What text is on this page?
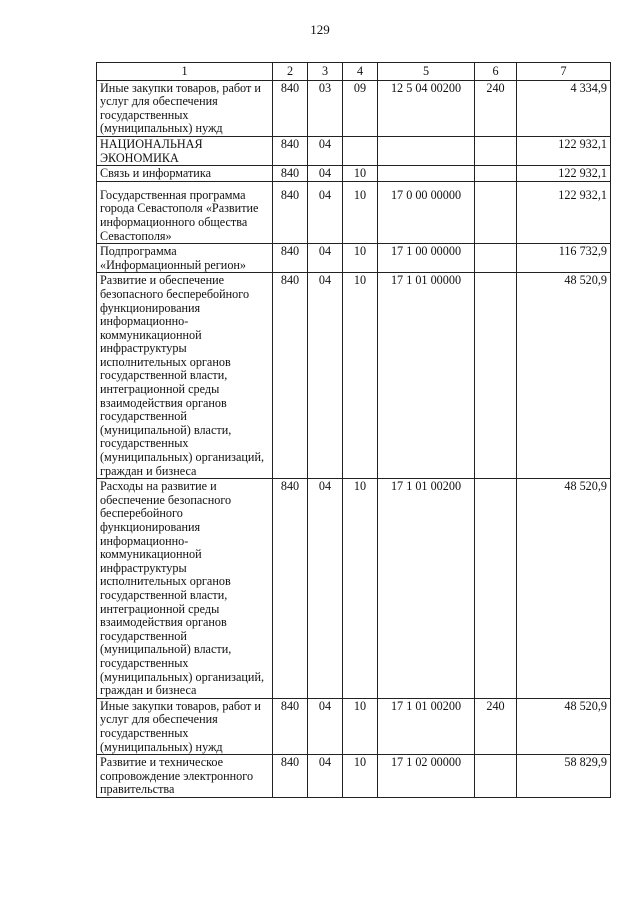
129
1	2	3	4	5	6	7
Иные закупки товаров, работ и услуг для обеспечения государственных (муниципальных) нужд	840	03	09	12 5 04 00200	240	4 334,9
НАЦИОНАЛЬНАЯ ЭКОНОМИКА	840	04				122 932,1
Связь и информатика	840	04	10			122 932,1
Государственная программа города Севастополя «Развитие информационного общества Севастополя»	840	04	10	17 0 00 00000		122 932,1
Подпрограмма «Информационный регион»	840	04	10	17 1 00 00000		116 732,9
Развитие и обеспечение безопасного бесперебойного функционирования информационно-коммуникационной инфраструктуры исполнительных органов государственной власти, интеграционной среды взаимодействия органов государственной (муниципальной) власти, государственных (муниципальных) организаций, граждан и бизнеса	840	04	10	17 1 01 00000		48 520,9
Расходы на развитие и обеспечение безопасного бесперебойного функционирования информационно-коммуникационной инфраструктуры исполнительных органов государственной власти, интеграционной среды взаимодействия органов государственной (муниципальной) власти, государственных (муниципальных) организаций, граждан и бизнеса	840	04	10	17 1 01 00200		48 520,9
Иные закупки товаров, работ и услуг для обеспечения государственных (муниципальных) нужд	840	04	10	17 1 01 00200	240	48 520,9
Развитие и техническое сопровождение электронного правительства	840	04	10	17 1 02 00000		58 829,9
